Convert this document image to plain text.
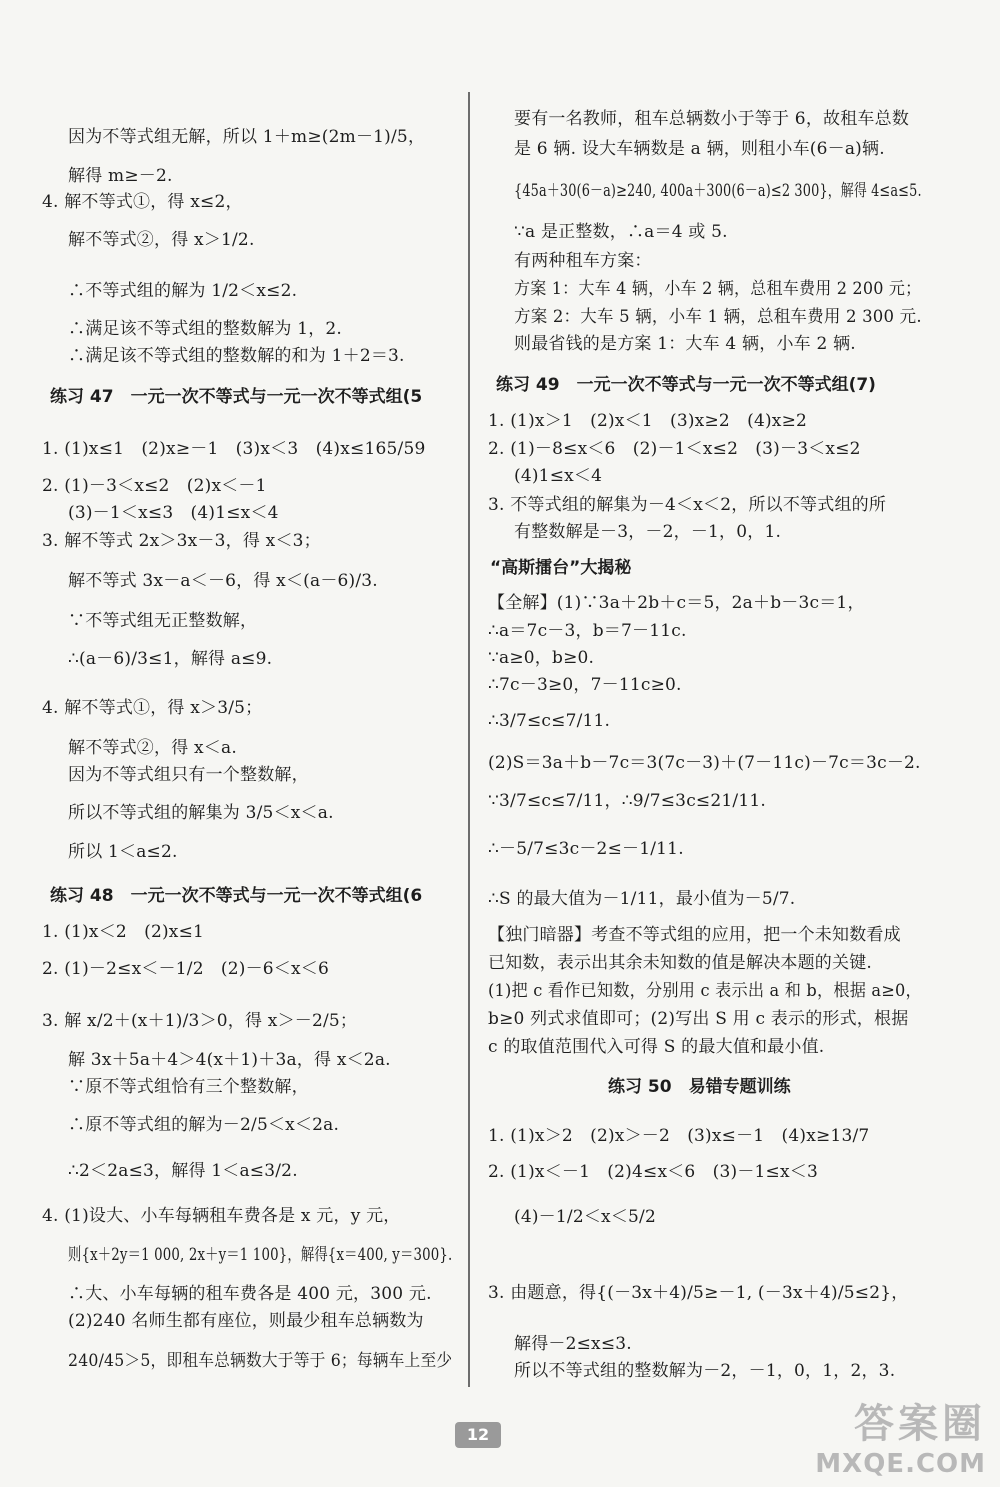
因为不等式组无解，所以 1＋m≥(2m－1)/5，
解得 m≥－2.
4. 解不等式①，得 x≤2，
解不等式②，得 x＞1/2.
∴不等式组的解为 1/2＜x≤2.
∴满足该不等式组的整数解为 1，2.
∴满足该不等式组的整数解的和为 1＋2＝3.
练习 47　一元一次不等式与一元一次不等式组(5
1. (1)x≤1　(2)x≥－1　(3)x＜3　(4)x≤165/59
2. (1)－3＜x≤2　(2)x＜－1
(3)－1＜x≤3　(4)1≤x＜4
3. 解不等式 2x＞3x－3，得 x＜3；
解不等式 3x－a＜－6，得 x＜(a－6)/3.
∵不等式组无正整数解，
∴(a－6)/3≤1，解得 a≤9.
4. 解不等式①，得 x＞3/5；
解不等式②，得 x＜a.
因为不等式组只有一个整数解，
所以不等式组的解集为 3/5＜x＜a.
所以 1＜a≤2.
练习 48　一元一次不等式与一元一次不等式组(6
1. (1)x＜2　(2)x≤1
2. (1)－2≤x＜－1/2　(2)－6＜x＜6
3. 解 x/2＋(x＋1)/3＞0，得 x＞－2/5；
解 3x＋5a＋4＞4(x＋1)＋3a，得 x＜2a.
∵原不等式组恰有三个整数解，
∴原不等式组的解为－2/5＜x＜2a.
∴2＜2a≤3，解得 1＜a≤3/2.
4. (1)设大、小车每辆租车费各是 x 元，y 元，
则{x＋2y＝1 000, 2x＋y＝1 100}，解得{x＝400, y＝300}.
∴大、小车每辆的租车费各是 400 元，300 元.
(2)240 名师生都有座位，则最少租车总辆数为
240/45＞5，即租车总辆数大于等于 6；每辆车上至少
要有一名教师，租车总辆数小于等于 6，故租车总数
是 6 辆. 设大车辆数是 a 辆，则租小车(6－a)辆.
{45a＋30(6－a)≥240, 400a＋300(6－a)≤2 300}，解得 4≤a≤5.
∵a 是正整数，∴a＝4 或 5.
有两种租车方案：
方案 1：大车 4 辆，小车 2 辆，总租车费用 2 200 元；
方案 2：大车 5 辆，小车 1 辆，总租车费用 2 300 元.
则最省钱的是方案 1：大车 4 辆，小车 2 辆.
练习 49　一元一次不等式与一元一次不等式组(7)
1. (1)x＞1　(2)x＜1　(3)x≥2　(4)x≥2
2. (1)－8≤x＜6　(2)－1＜x≤2　(3)－3＜x≤2
(4)1≤x＜4
3. 不等式组的解集为－4＜x＜2，所以不等式组的所
有整数解是－3，－2，－1，0，1.
“高斯擂台”大揭秘
【全解】(1)∵3a＋2b＋c＝5，2a＋b－3c＝1，
∴a＝7c－3，b＝7－11c.
∵a≥0，b≥0.
∴7c－3≥0，7－11c≥0.
∴3/7≤c≤7/11.
(2)S＝3a＋b－7c＝3(7c－3)＋(7－11c)－7c＝3c－2.
∵3/7≤c≤7/11，∴9/7≤3c≤21/11.
∴－5/7≤3c－2≤－1/11.
∴S 的最大值为－1/11，最小值为－5/7.
【独门暗器】考查不等式组的应用，把一个未知数看成
已知数，表示出其余未知数的值是解决本题的关键.
(1)把 c 看作已知数，分别用 c 表示出 a 和 b，根据 a≥0，
b≥0 列式求值即可；(2)写出 S 用 c 表示的形式，根据
c 的取值范围代入可得 S 的最大值和最小值.
练习 50　易错专题训练
1. (1)x＞2　(2)x＞－2　(3)x≤－1　(4)x≥13/7
2. (1)x＜－1　(2)4≤x＜6　(3)－1≤x＜3
(4)－1/2＜x＜5/2
3. 由题意，得{(－3x＋4)/5≥－1, (－3x＋4)/5≤2}，
解得－2≤x≤3.
所以不等式组的整数解为－2，－1，0，1，2，3.
12	答案圈
MXQE.COM
